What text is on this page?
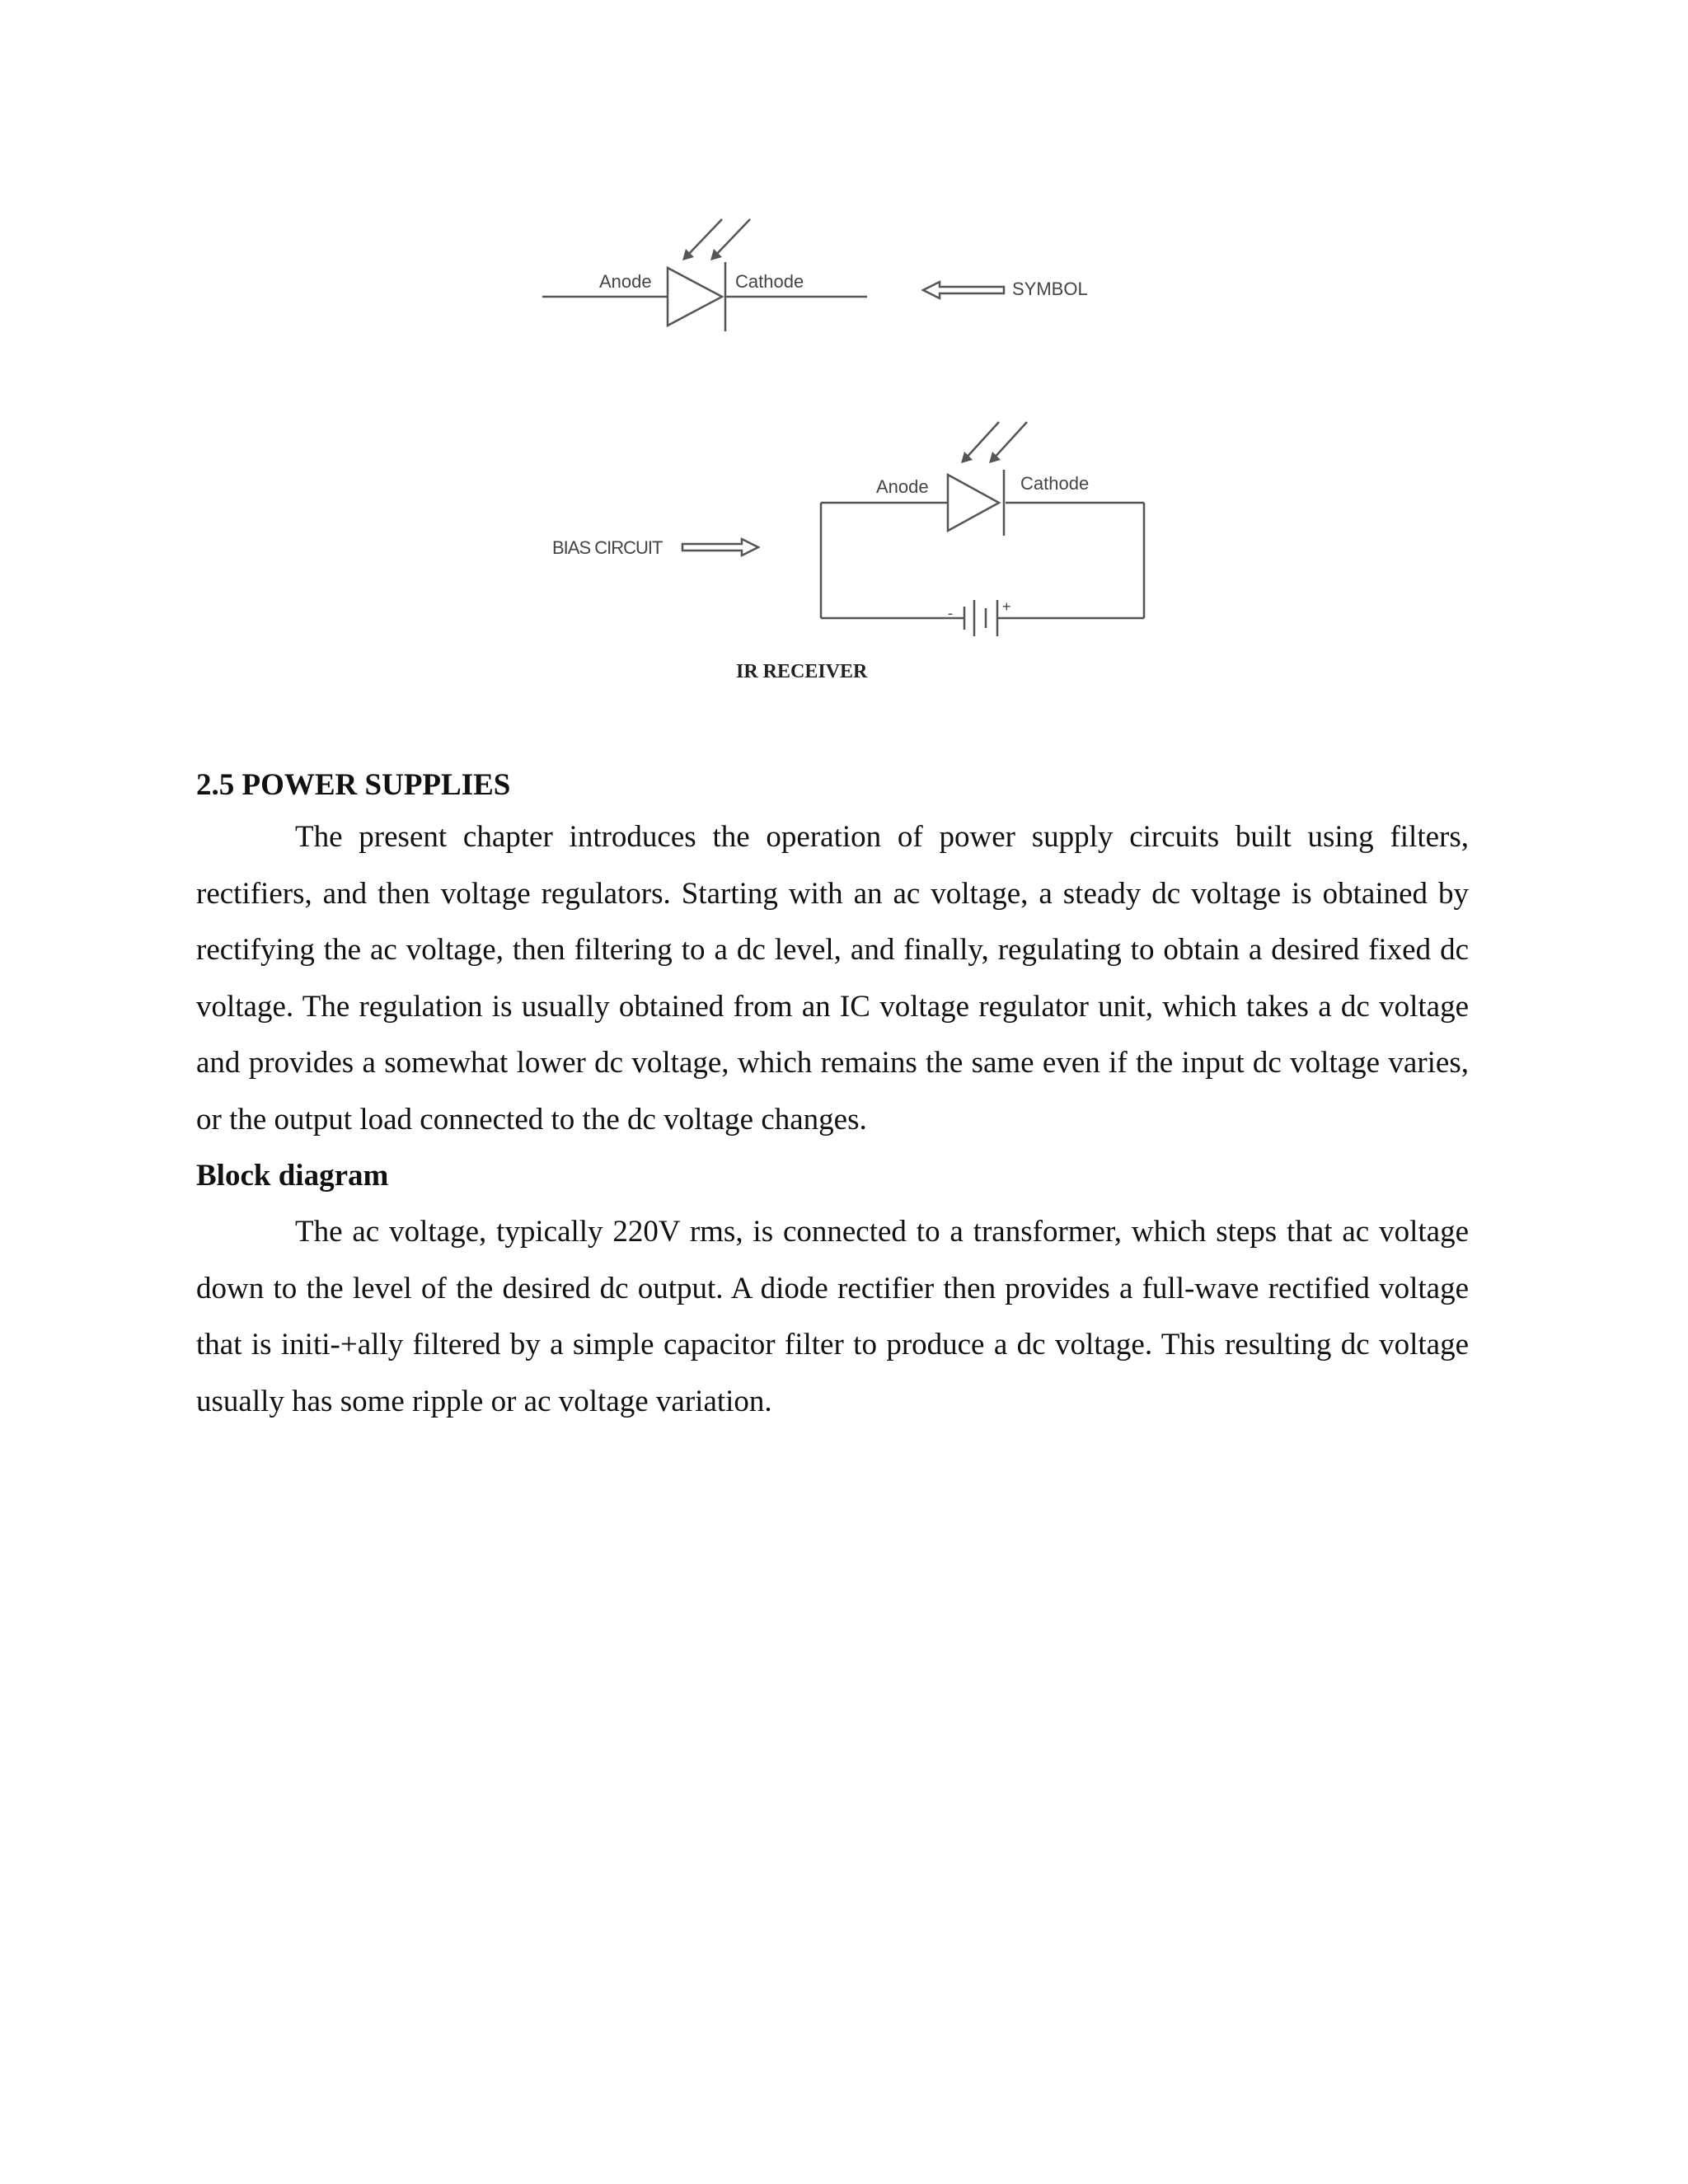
Anode	Cathode	SYMBOL
Anode	Cathode
BIAS CIRCUIT
-	+
IR RECEIVER
2.5 POWER SUPPLIES

The present chapter introduces the operation of power supply circuits built using filters, rectifiers, and then voltage regulators. Starting with an ac voltage, a steady dc voltage is obtained by rectifying the ac voltage, then filtering to a dc level, and finally, regulating to obtain a desired fixed dc voltage. The regulation is usually obtained from an IC voltage regulator unit, which takes a dc voltage and provides a somewhat lower dc voltage, which remains the same even if the input dc voltage varies, or the output load connected to the dc voltage changes.

Block diagram

The ac voltage, typically 220V rms, is connected to a transformer, which steps that ac voltage down to the level of the desired dc output. A diode rectifier then provides a full-wave rectified voltage that is initi-+ally filtered by a simple capacitor filter to produce a dc voltage. This resulting dc voltage usually has some ripple or ac voltage variation.
